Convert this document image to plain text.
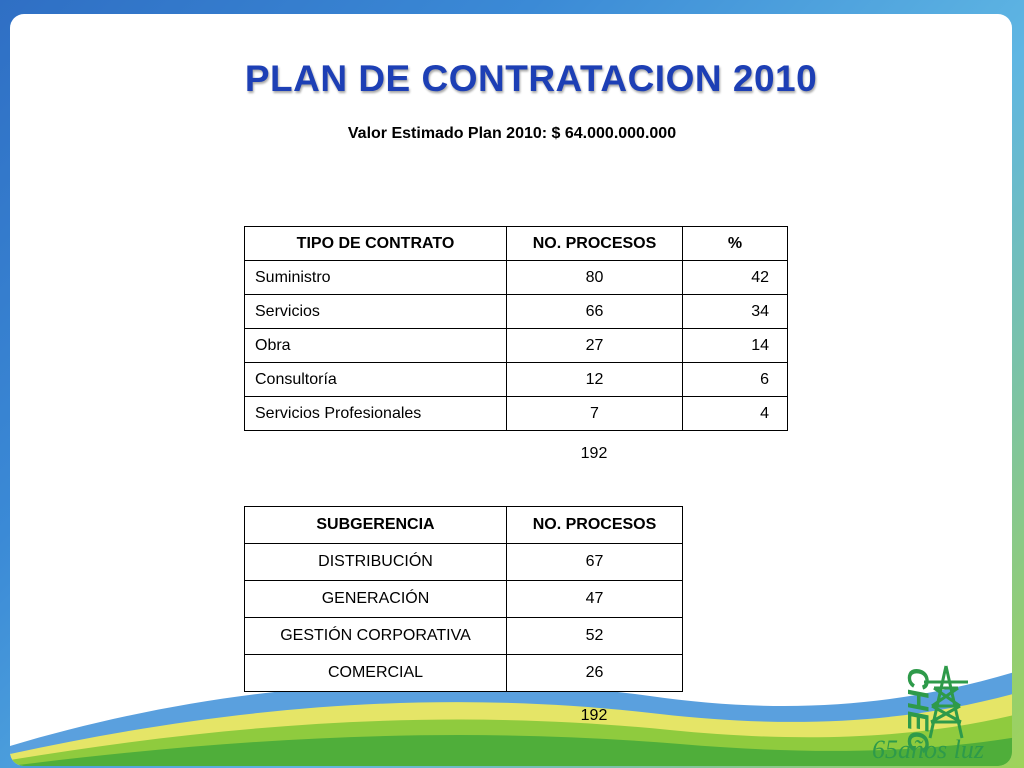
PLAN DE CONTRATACION 2010
Valor Estimado Plan 2010: $ 64.000.000.000
TIPO DE CONTRATO	NO. PROCESOS	%
Suministro	80	42
Servicios	66	34
Obra	27	14
Consultoría	12	6
Servicios Profesionales	7	4
192
SUBGERENCIA	NO. PROCESOS
DISTRIBUCIÓN	67
GENERACIÓN	47
GESTIÓN CORPORATIVA	52
COMERCIAL	26
192	CHEC
65años luz
